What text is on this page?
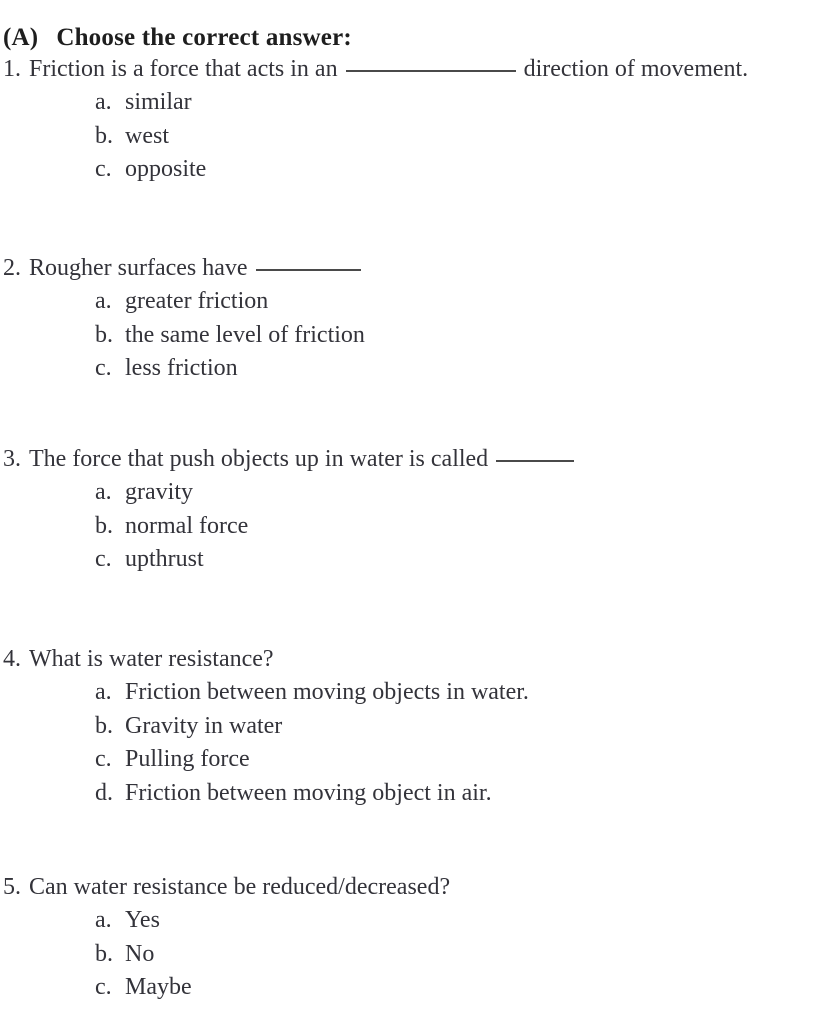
(A) Choose the correct answer:
1. Friction is a force that acts in an	direction of movement.
a. similar
b. west
c. opposite
2. Rougher surfaces have
a. greater friction
b. the same level of friction
c. less friction
3. The force that push objects up in water is called
a. gravity
b. normal force
c. upthrust
4. What is water resistance?
a. Friction between moving objects in water.
b. Gravity in water
c. Pulling force
d. Friction between moving object in air.
5. Can water resistance be reduced/decreased?
a. Yes
b. No
c. Maybe
